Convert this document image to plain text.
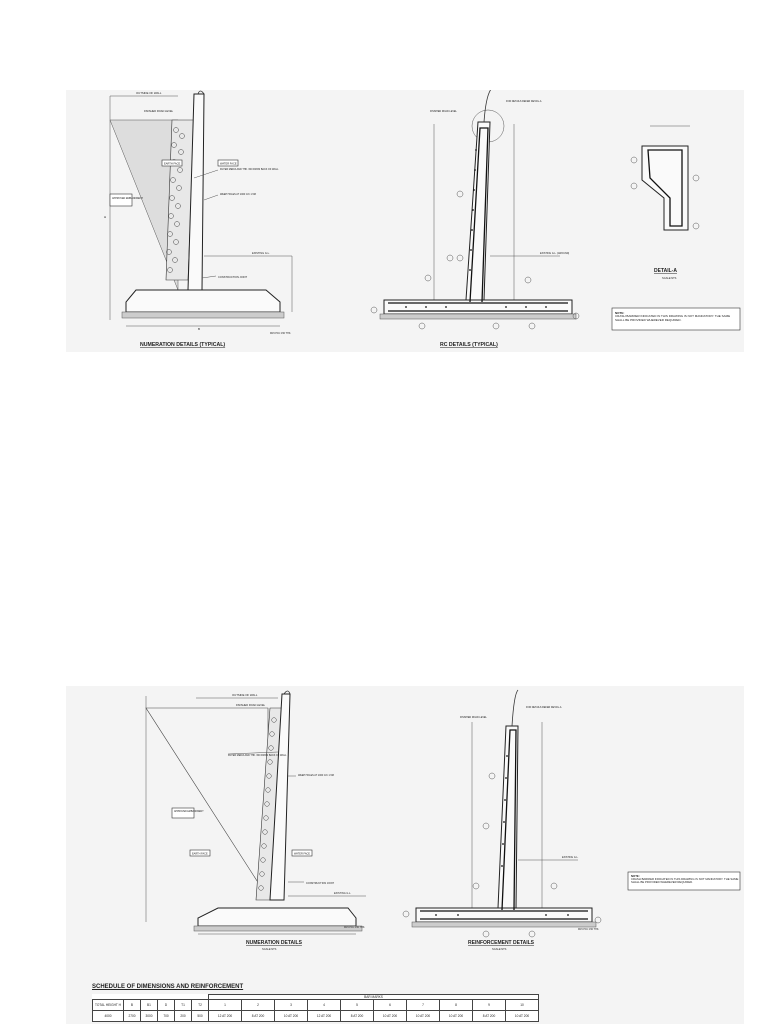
H
OUTSIDE OF WALL
FINISHED ROAD LEVEL
EARTH FACE	WATER FACE
APPROVED EMBANKMENT
FILTER MEDIA AND THK. 600 FROM BACK OF WALL
WEEP HOLES AT 1000 C/C 1.5M
EXISTING G.L.
CONSTRUCTION JOINT
B
M15 PCC 150 THK.
NUMERATION DETAILS (TYPICAL)
FINISHED ROAD LEVEL
FOR DETAILS REFER DETAIL-A
EXISTING G.L. (GROUND)
RC DETAILS (TYPICAL)
DETAIL-A
SCALE:NTS
NOTE:
CRASH BARRIER INDICATED IN THIS DRAWING IS NOT MANDATORY. THE SAME SHALL BE PROVIDED WHEREVER REQUIRED.
OUTSIDE OF WALL
FINISHED ROAD LEVEL
FILTER MEDIA AND THK. 600 FROM BACK OF WALL
WEEP HOLES AT 1000 C/C 1.5M
APPROVED EMBANKMENT
EARTH FACE	WATER FACE
CONSTRUCTION JOINT
EXISTING G.L.
M15 PCC 150 THK.
NUMERATION DETAILS
SCALE:NTS
FINISHED ROAD LEVEL
FOR DETAILS REFER DETAIL-A
EXISTING G.L.
REINFORCEMENT DETAILS
SCALE:NTS
M15 PCC 150 THK.
NOTE:
CRASH BARRIER INDICATED IN THIS DRAWING IS NOT MANDATORY. THE SAME SHALL BE PROVIDED WHEREVER REQUIRED.
SCHEDULE OF DIMENSIONS AND REINFORCEMENT
						BAR MARKS									
TOTAL HEIGHT H	B	B1	D	T1	T2	1	2	3	4	5	6	7	8	9	10
4000	2700	3000	700	200	500	12 AT 200	8 AT 200	10 AT 200	12 AT 200	8 AT 200	10 AT 200	10 AT 200	10 AT 200	8 AT 200	10 AT 200
